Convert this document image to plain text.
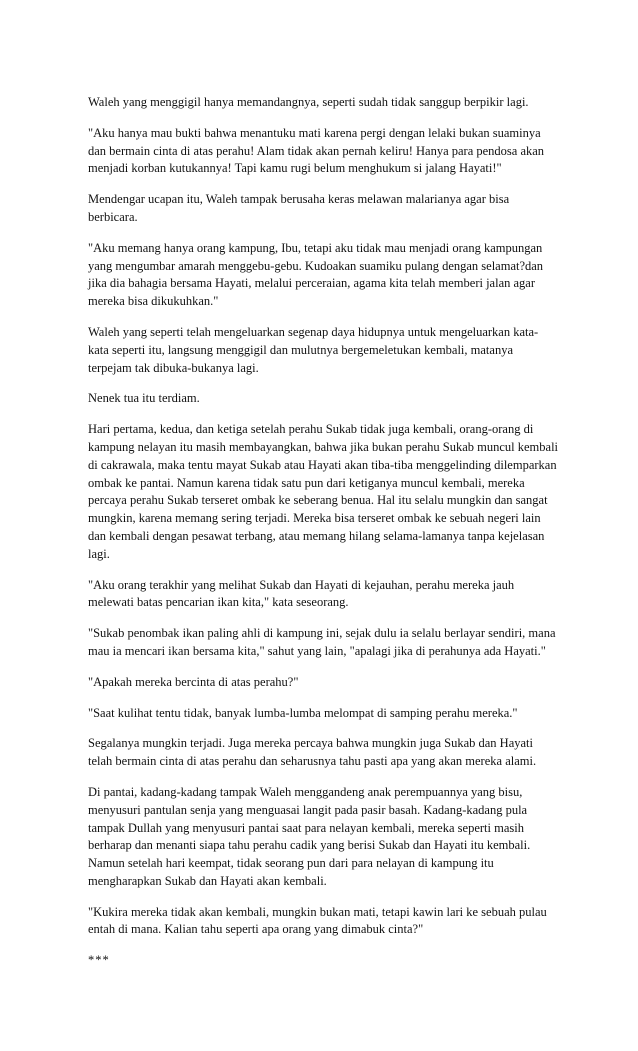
Waleh yang menggigil hanya memandangnya, seperti sudah tidak sanggup berpikir lagi.

"Aku hanya mau bukti bahwa menantuku mati karena pergi dengan lelaki bukan suaminya dan bermain cinta di atas perahu! Alam tidak akan pernah keliru! Hanya para pendosa akan menjadi korban kutukannya! Tapi kamu rugi belum menghukum si jalang Hayati!"

Mendengar ucapan itu, Waleh tampak berusaha keras melawan malarianya agar bisa berbicara.

"Aku memang hanya orang kampung, Ibu, tetapi aku tidak mau menjadi orang kampungan yang mengumbar amarah menggebu-gebu. Kudoakan suamiku pulang dengan selamat?dan jika dia bahagia bersama Hayati, melalui perceraian, agama kita telah memberi jalan agar mereka bisa dikukuhkan."

Waleh yang seperti telah mengeluarkan segenap daya hidupnya untuk mengeluarkan kata-kata seperti itu, langsung menggigil dan mulutnya bergemeletukan kembali, matanya terpejam tak dibuka-bukanya lagi.

Nenek tua itu terdiam.

Hari pertama, kedua, dan ketiga setelah perahu Sukab tidak juga kembali, orang-orang di kampung nelayan itu masih membayangkan, bahwa jika bukan perahu Sukab muncul kembali di cakrawala, maka tentu mayat Sukab atau Hayati akan tiba-tiba menggelinding dilemparkan ombak ke pantai. Namun karena tidak satu pun dari ketiganya muncul kembali, mereka percaya perahu Sukab terseret ombak ke seberang benua. Hal itu selalu mungkin dan sangat mungkin, karena memang sering terjadi. Mereka bisa terseret ombak ke sebuah negeri lain dan kembali dengan pesawat terbang, atau memang hilang selama-lamanya tanpa kejelasan lagi.

"Aku orang terakhir yang melihat Sukab dan Hayati di kejauhan, perahu mereka jauh melewati batas pencarian ikan kita," kata seseorang.

"Sukab penombak ikan paling ahli di kampung ini, sejak dulu ia selalu berlayar sendiri, mana mau ia mencari ikan bersama kita," sahut yang lain, "apalagi jika di perahunya ada Hayati."

"Apakah mereka bercinta di atas perahu?"

"Saat kulihat tentu tidak, banyak lumba-lumba melompat di samping perahu mereka."

Segalanya mungkin terjadi. Juga mereka percaya bahwa mungkin juga Sukab dan Hayati telah bermain cinta di atas perahu dan seharusnya tahu pasti apa yang akan mereka alami.

Di pantai, kadang-kadang tampak Waleh menggandeng anak perempuannya yang bisu, menyusuri pantulan senja yang menguasai langit pada pasir basah. Kadang-kadang pula tampak Dullah yang menyusuri pantai saat para nelayan kembali, mereka seperti masih berharap dan menanti siapa tahu perahu cadik yang berisi Sukab dan Hayati itu kembali. Namun setelah hari keempat, tidak seorang pun dari para nelayan di kampung itu mengharapkan Sukab dan Hayati akan kembali.

"Kukira mereka tidak akan kembali, mungkin bukan mati, tetapi kawin lari ke sebuah pulau entah di mana. Kalian tahu seperti apa orang yang dimabuk cinta?"

***
